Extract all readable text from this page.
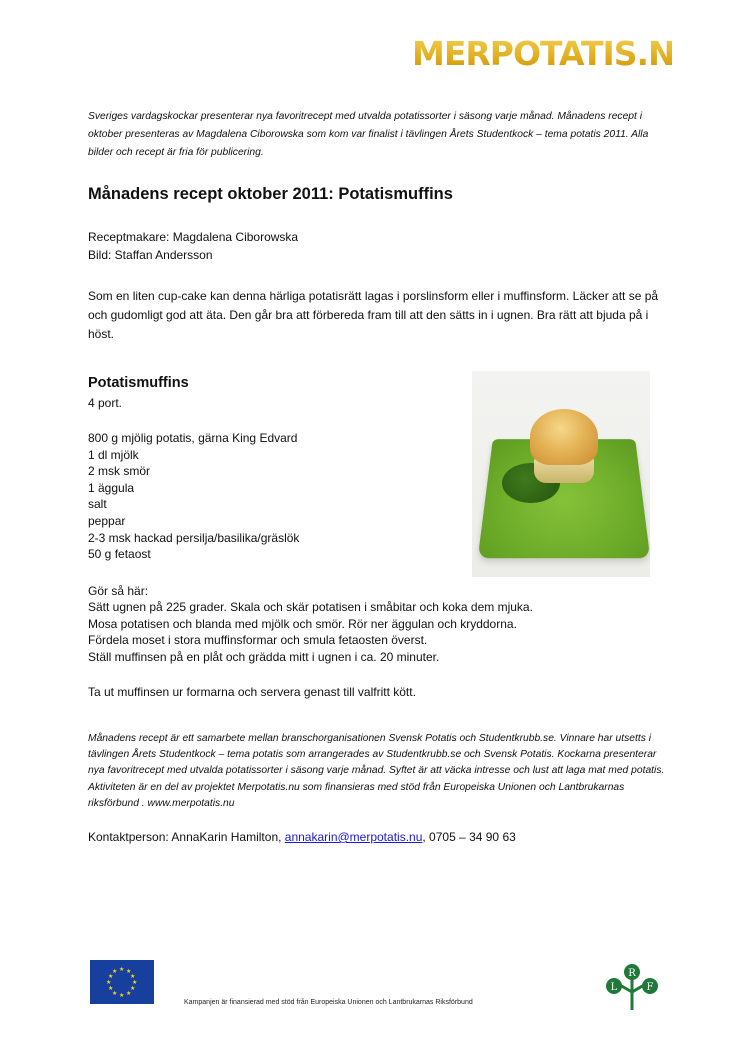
MERPOTATIS.NU
Sveriges vardagskockar presenterar nya favoritrecept med utvalda potatissorter i säsong varje månad. Månadens recept i oktober presenteras av Magdalena Ciborowska som kom var finalist i tävlingen Årets Studentkock – tema potatis 2011. Alla bilder och recept är fria för publicering.
Månadens recept oktober 2011: Potatismuffins
Receptmakare: Magdalena Ciborowska
Bild: Staffan Andersson
Som en liten cup-cake kan denna härliga potatisrätt lagas i porslinsform eller i muffinsform. Läcker att se på och gudomligt god att äta. Den går bra att förbereda fram till att den sätts in i ugnen. Bra rätt att bjuda på i höst.
Potatismuffins
4 port.
800 g mjölig potatis, gärna King Edvard
1 dl mjölk
2 msk smör
1 äggula
salt
peppar
2-3 msk hackad persilja/basilika/gräslök
50 g fetaost
Gör så här:
Sätt ugnen på 225 grader. Skala och skär potatisen i småbitar och koka dem mjuka.
Mosa potatisen och blanda med mjölk och smör. Rör ner äggulan och kryddorna.
Fördela moset i stora muffinsformar och smula fetaosten överst.
Ställ muffinsen på en plåt och grädda mitt i ugnen i ca. 20 minuter.
Ta ut muffinsen ur formarna och servera genast till valfritt kött.
Månadens recept är ett samarbete mellan branschorganisationen Svensk Potatis och Studentkrubb.se. Vinnare har utsetts i tävlingen Årets Studentkock – tema potatis som arrangerades av Studentkrubb.se och Svensk Potatis. Kockarna presenterar nya favoritrecept med utvalda potatissorter i säsong varje månad. Syftet är att väcka intresse och lust att laga mat med potatis. Aktiviteten är en del av projektet Merpotatis.nu som finansieras med stöd från Europeiska Unionen och Lantbrukarnas riksförbund . www.merpotatis.nu
Kontaktperson: AnnaKarin Hamilton, annakarin@merpotatis.nu, 0705 – 34 90 63
★ ★
★
★
★
★
★
★
★
★
★
★
Kampanjen är finansierad med stöd från Europeiska Unionen och Lantbrukarnas Riksförbund
L
R
F
